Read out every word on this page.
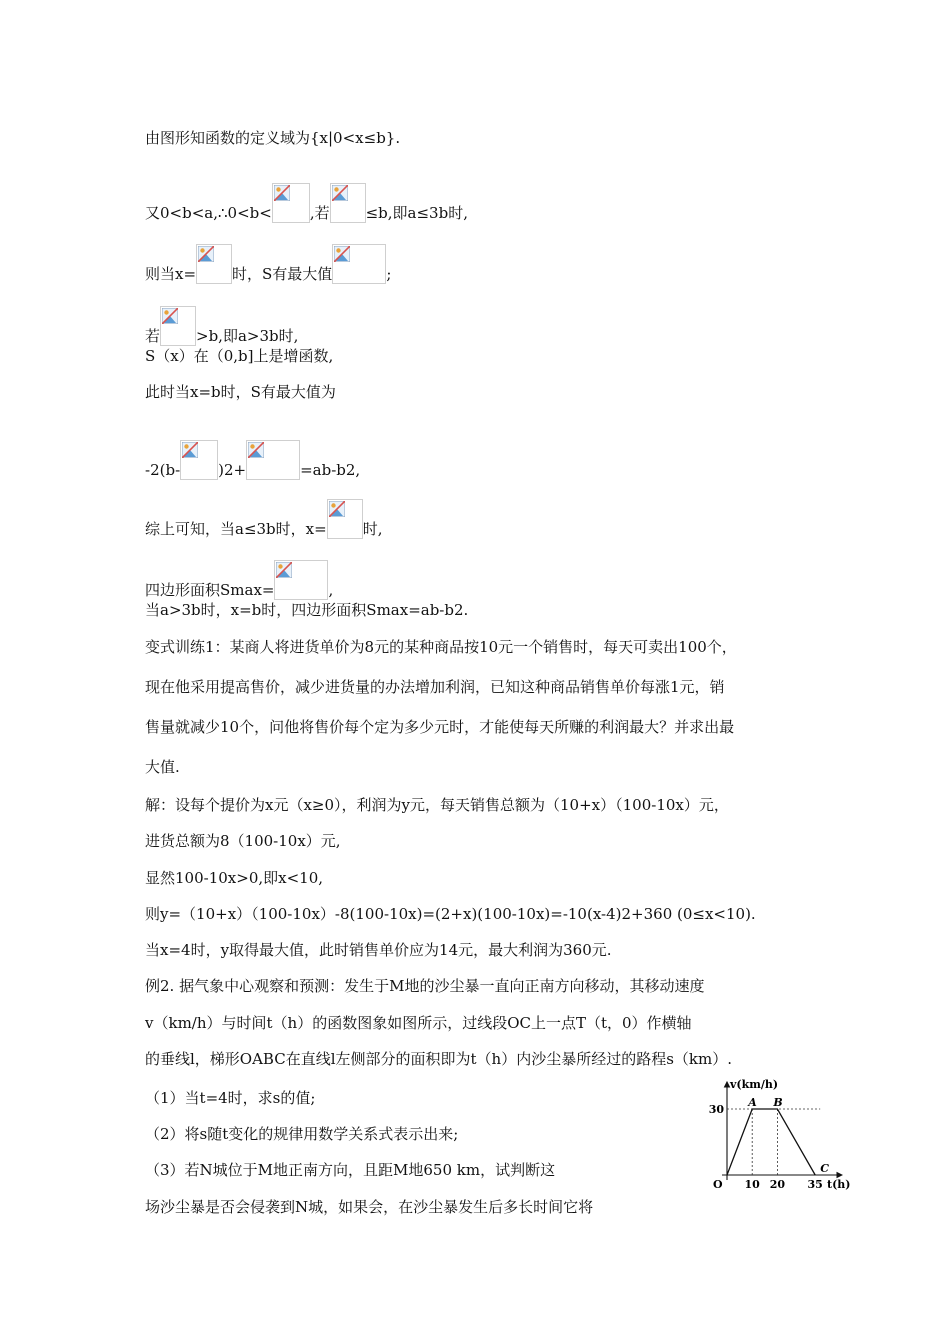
由图形知函数的定义域为{x|0<x≤b}.
又0<b<a,∴0<b<	,若 ≤b,即a≤3b时,
则当x= 时，S有最大值	;
若 >b,即a>3b时,
S（x）在（0,b]上是增函数,
此时当x=b时，S有最大值为
-2(b-	)2+	=ab-b2,
综上可知，当a≤3b时，x= 时,
四边形面积Smax=	,
当a>3b时，x=b时，四边形面积Smax=ab-b2.
变式训练1：某商人将进货单价为8元的某种商品按10元一个销售时，每天可卖出100个，
现在他采用提高售价，减少进货量的办法增加利润，已知这种商品销售单价每涨1元，销
售量就减少10个，问他将售价每个定为多少元时，才能使每天所赚的利润最大？并求出最
大值.
解：设每个提价为x元（x≥0），利润为y元，每天销售总额为（10+x）（100-10x）元，
进货总额为8（100-10x）元,
显然100-10x>0,即x<10,
则y=（10+x）（100-10x）-8(100-10x)=(2+x)(100-10x)=-10(x-4)2+360 (0≤x<10).
当x=4时，y取得最大值，此时销售单价应为14元，最大利润为360元.
例2. 据气象中心观察和预测：发生于M地的沙尘暴一直向正南方向移动，其移动速度
v（km/h）与时间t（h）的函数图象如图所示，过线段OC上一点T（t，0）作横轴
的垂线l，梯形OABC在直线l左侧部分的面积即为t（h）内沙尘暴所经过的路程s（km）.
（1）当t=4时，求s的值;
（2）将s随t变化的规律用数学关系式表示出来;
（3）若N城位于M地正南方向，且距M地650 km，试判断这
场沙尘暴是否会侵袭到N城，如果会，在沙尘暴发生后多长时间它将
v(km/h)
t(h)
O 10 20 35
30
A B
C
